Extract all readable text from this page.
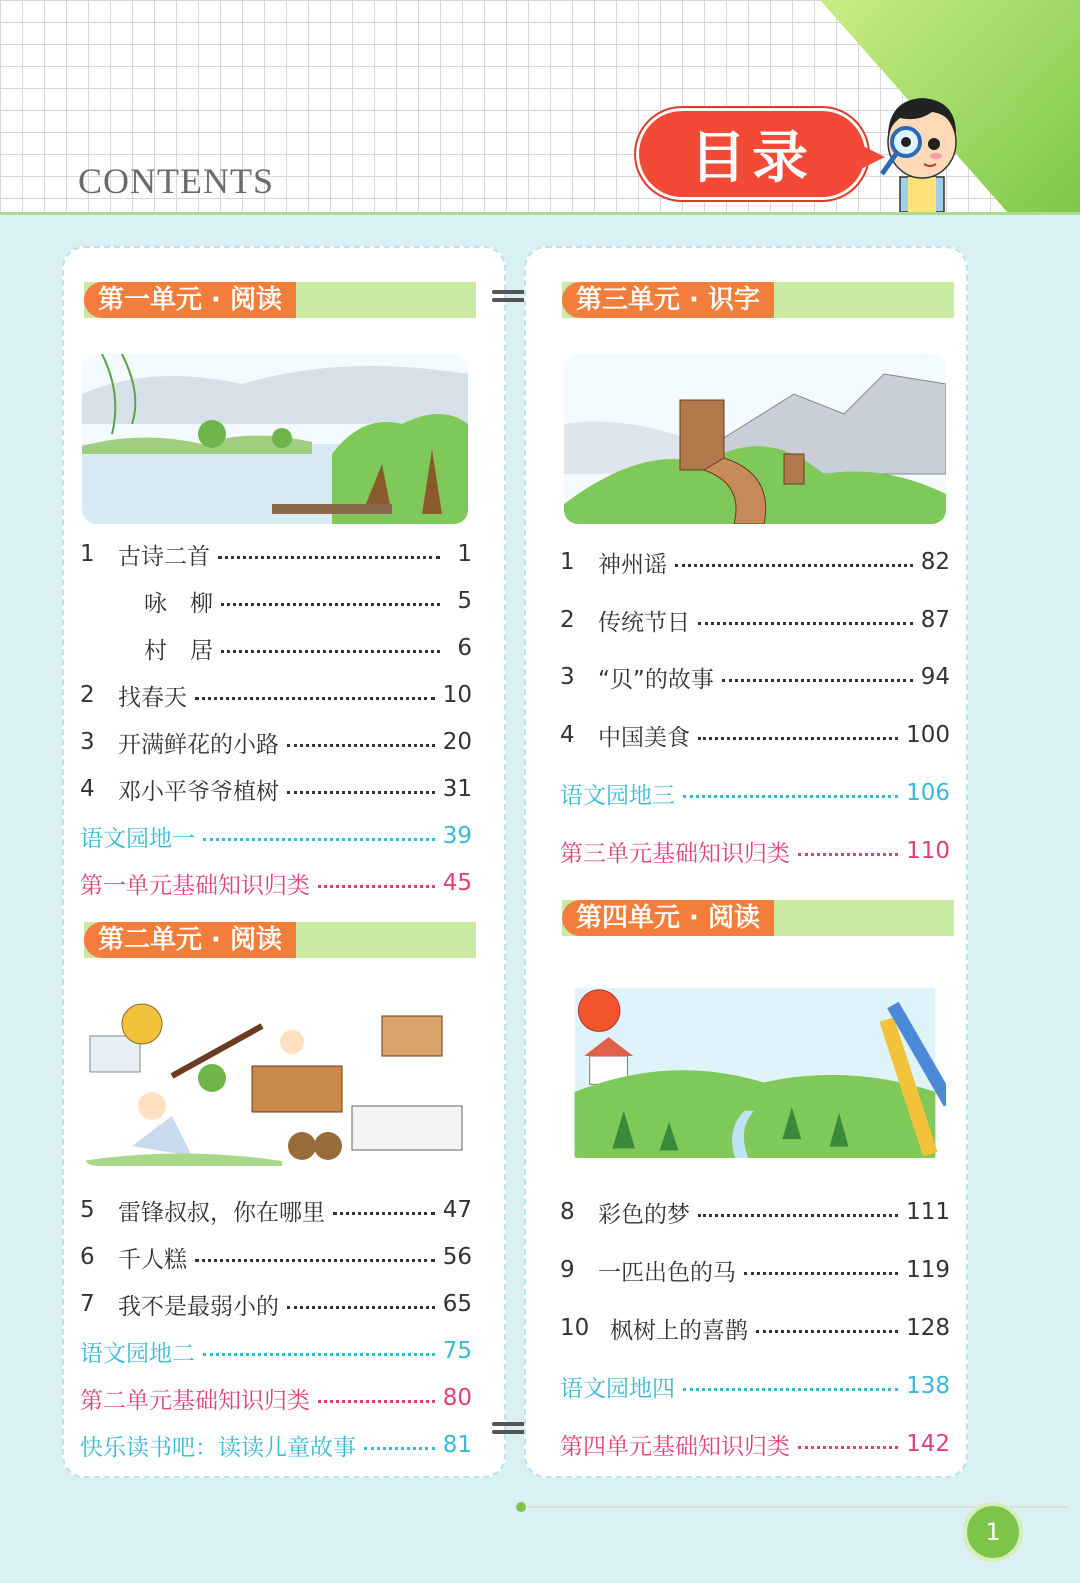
CONTENTS	目录
第一单元 · 阅读
1	古诗二首	1
咏　柳	5
村　居	6
2	找春天	10
3	开满鲜花的小路	20
4	邓小平爷爷植树	31
语文园地一	39
第一单元基础知识归类	45
第二单元 · 阅读
5	雷锋叔叔，你在哪里	47
6	千人糕	56
7	我不是最弱小的	65
语文园地二	75
第二单元基础知识归类	80
快乐读书吧：读读儿童故事	81
第三单元 · 识字
1	神州谣	82
2	传统节日	87
3	“贝”的故事	94
4	中国美食	100
语文园地三	106
第三单元基础知识归类	110
第四单元 · 阅读
8	彩色的梦	111
9	一匹出色的马	119
10 枫树上的喜鹊	128
语文园地四	138
第四单元基础知识归类	142
1
